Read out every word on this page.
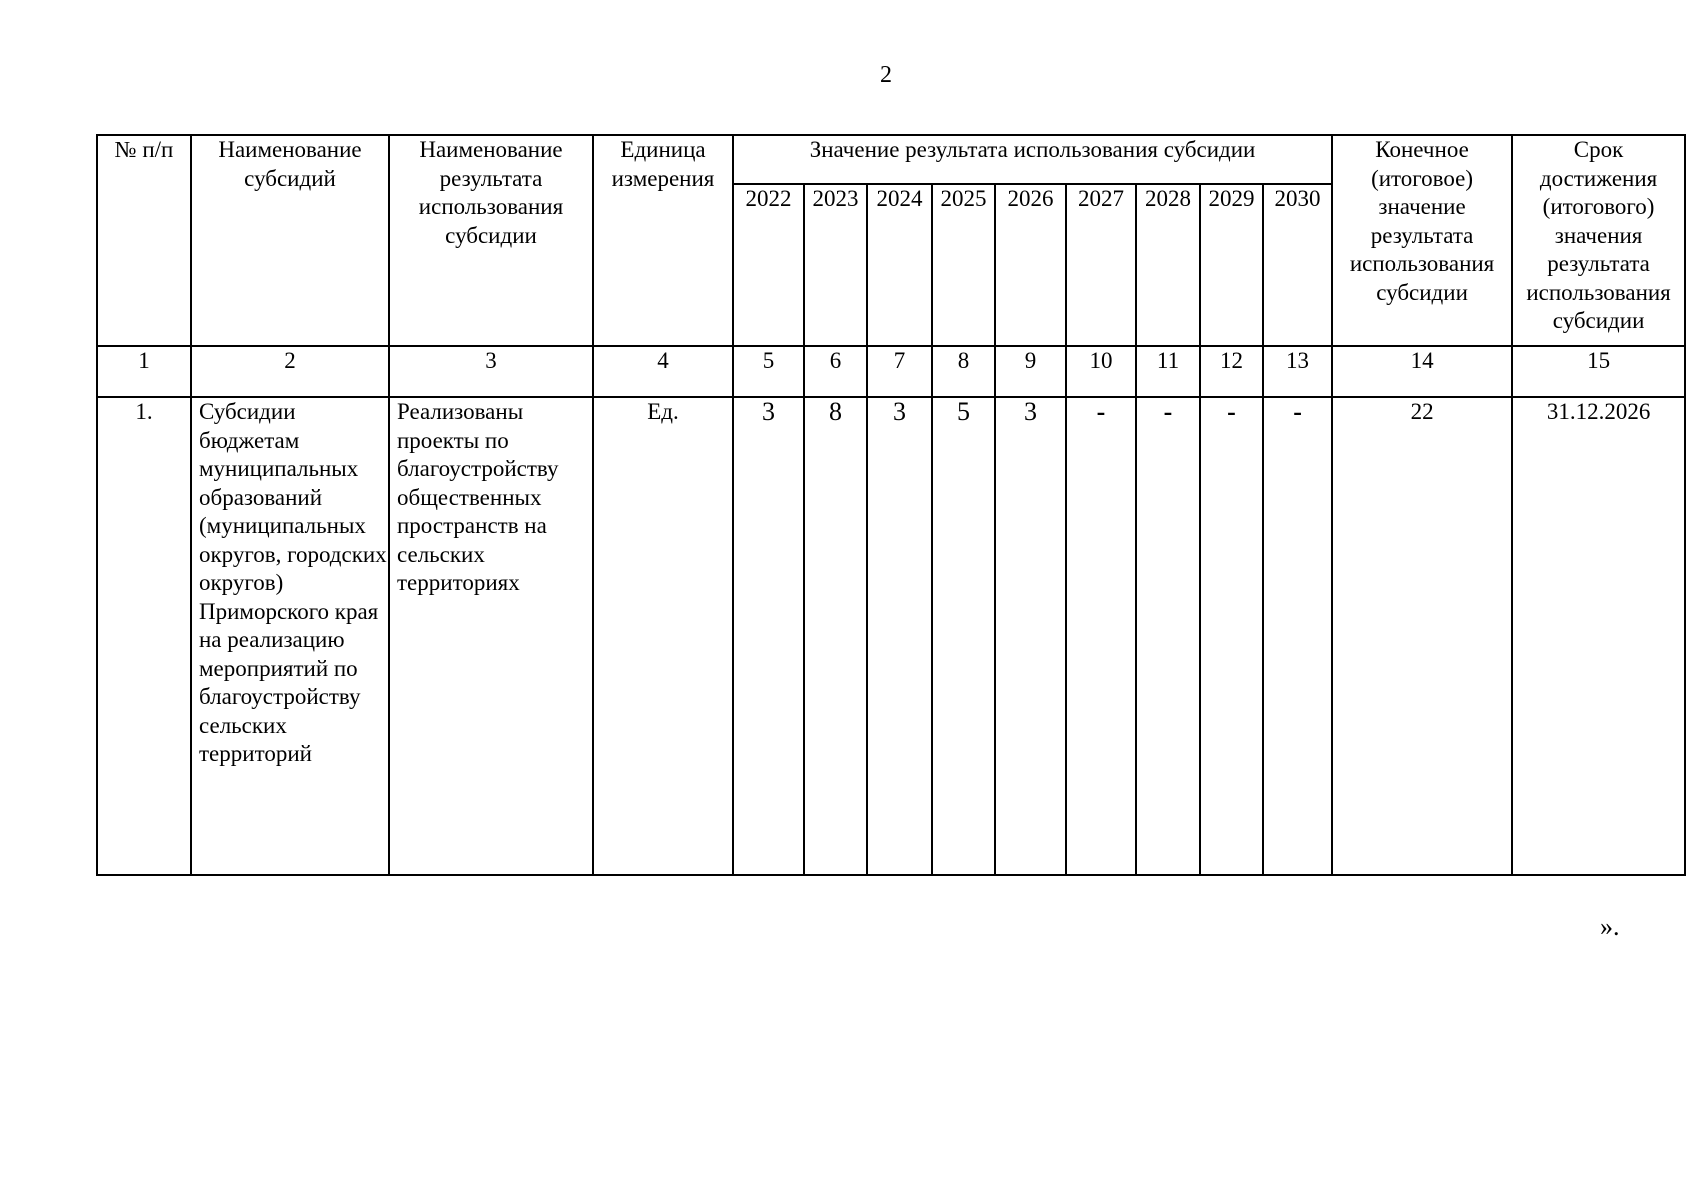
2
№ п/п	Наименование субсидий	Наименование результата использования субсидии	Единица измерения	Значение результата использования субсидии									Конечное (итоговое) значение результата использования субсидии	Срок достижения (итогового) значения результата использования субсидии
				2022	2023	2024	2025	2026	2027	2028	2029	2030		
1	2	3	4	5	6	7	8	9	10	11	12	13	14	15
1.	Субсидии бюджетам муниципальных образований (муниципальных округов, городских округов) Приморского края на реализацию мероприятий по благоустройству сельских территорий	Реализованы проекты по благоустройству общественных пространств на сельских территориях	Ед.	3	8	3	5	3	-	-	-	-	22	31.12.2026
».
